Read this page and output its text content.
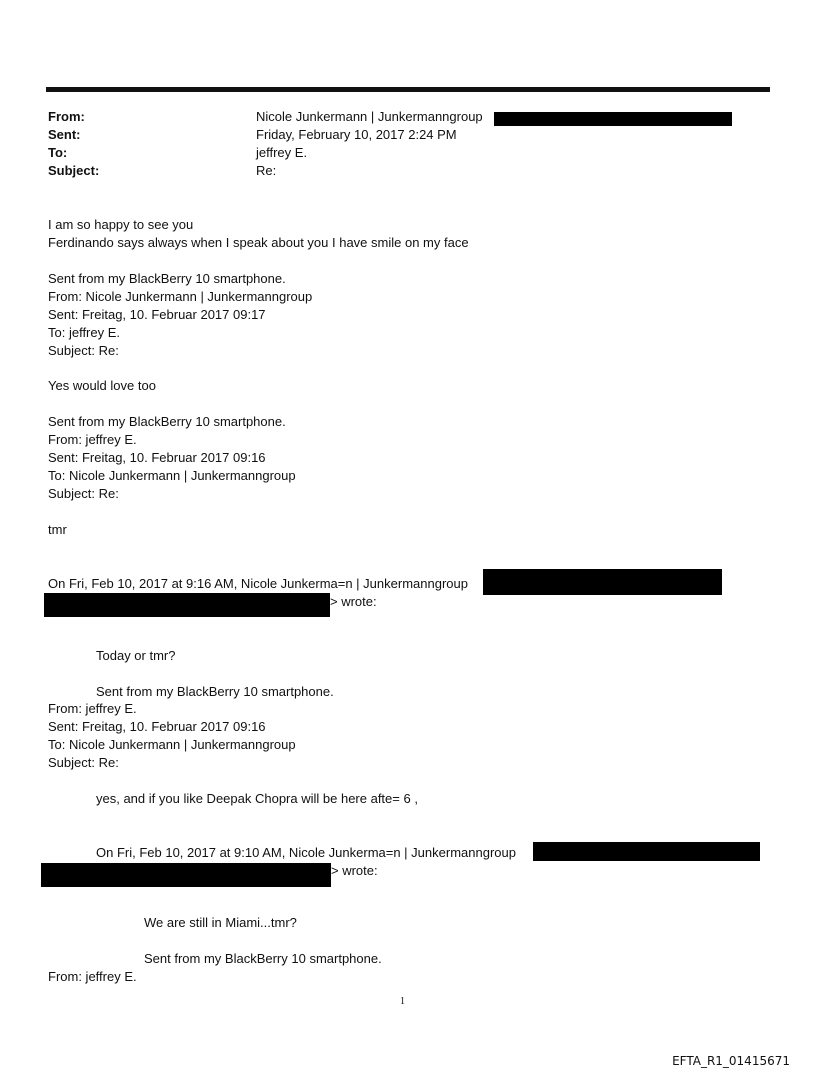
From:	Nicole Junkermann | Junkermanngroup
Sent:	Friday, February 10, 2017 2:24 PM
To:	jeffrey E.
Subject:	Re:
I am so happy to see you
Ferdinando says always when I speak about you I have smile on my face
Sent from my BlackBerry 10 smartphone.
From: Nicole Junkermann | Junkermanngroup
Sent: Freitag, 10. Februar 2017 09:17
To: jeffrey E.
Subject: Re:
Yes would love too
Sent from my BlackBerry 10 smartphone.
From: jeffrey E.
Sent: Freitag, 10. Februar 2017 09:16
To: Nicole Junkermann | Junkermanngroup
Subject: Re:
tmr
On Fri, Feb 10, 2017 at 9:16 AM, Nicole Junkerma=n | Junkermanngroup
> wrote:
Today or tmr?
Sent from my BlackBerry 10 smartphone.
From: jeffrey E.
Sent: Freitag, 10. Februar 2017 09:16
To: Nicole Junkermann | Junkermanngroup
Subject: Re:
yes, and if you like Deepak Chopra will be here afte= 6 ,
On Fri, Feb 10, 2017 at 9:10 AM, Nicole Junkerma=n | Junkermanngroup
> wrote:
We are still in Miami...tmr?
Sent from my BlackBerry 10 smartphone.
From: jeffrey E.
1
EFTA_R1_01415671
